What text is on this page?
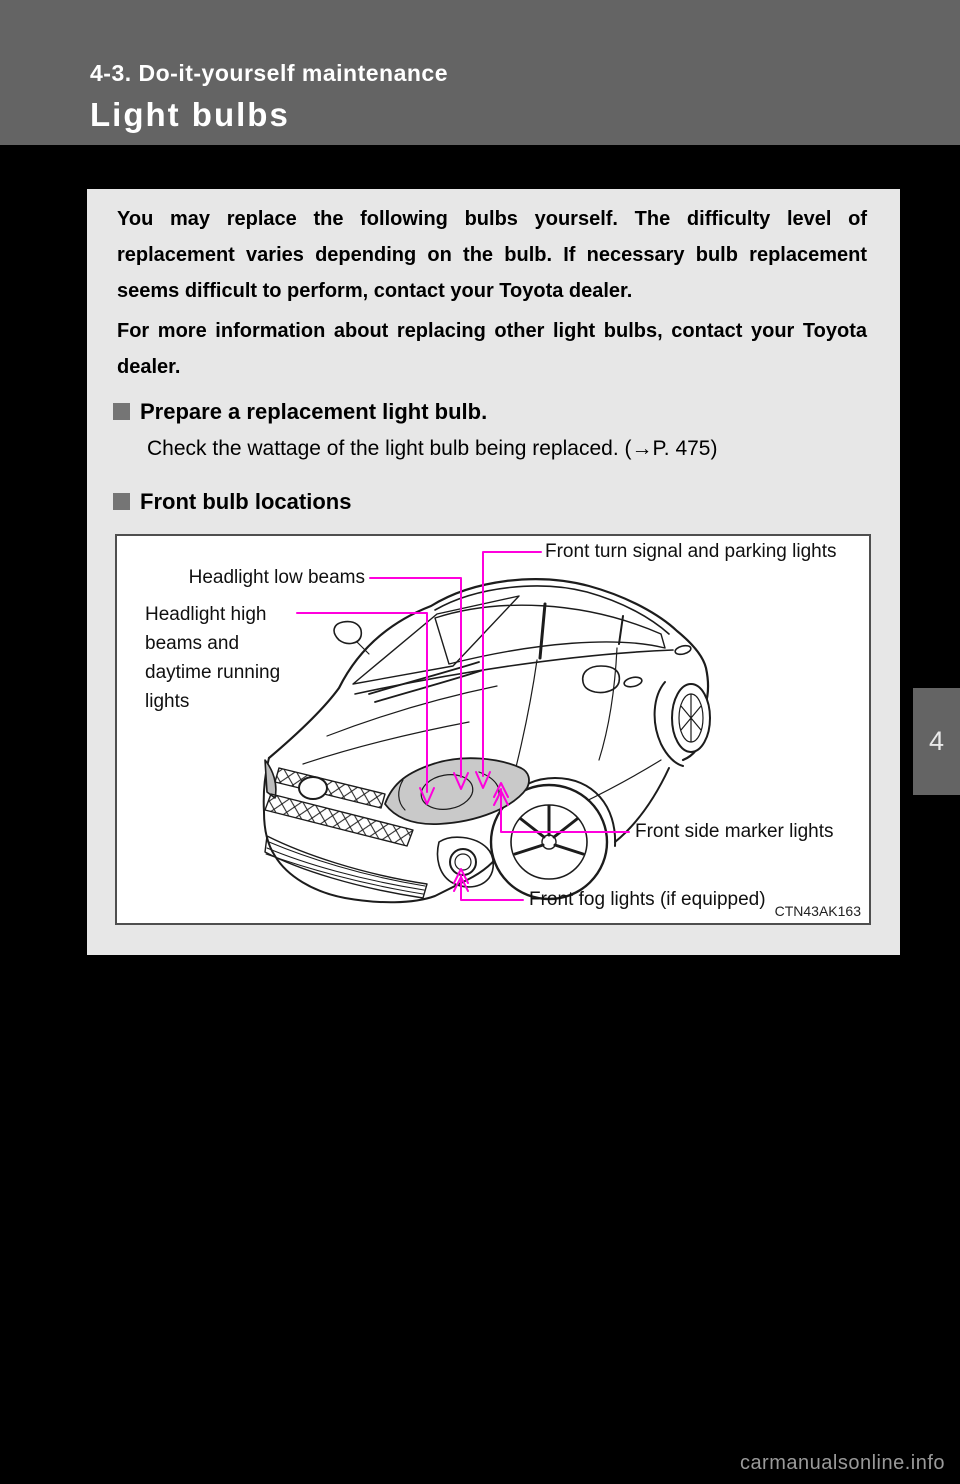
4-3. Do-it-yourself maintenance
Light bulbs
You may replace the following bulbs yourself. The difficulty level of replacement varies depending on the bulb. If necessary bulb replacement seems difficult to perform, contact your Toyota dealer.
For more information about replacing other light bulbs, contact your Toyota dealer.
Prepare a replacement light bulb.
Check the wattage of the light bulb being replaced. (→P. 475)
Front bulb locations
Front turn signal and parking lights
Headlight low beams
Headlight high beams and daytime running lights
Front side marker lights
Front fog lights (if equipped)
CTN43AK163
4
carmanualsonline.info
